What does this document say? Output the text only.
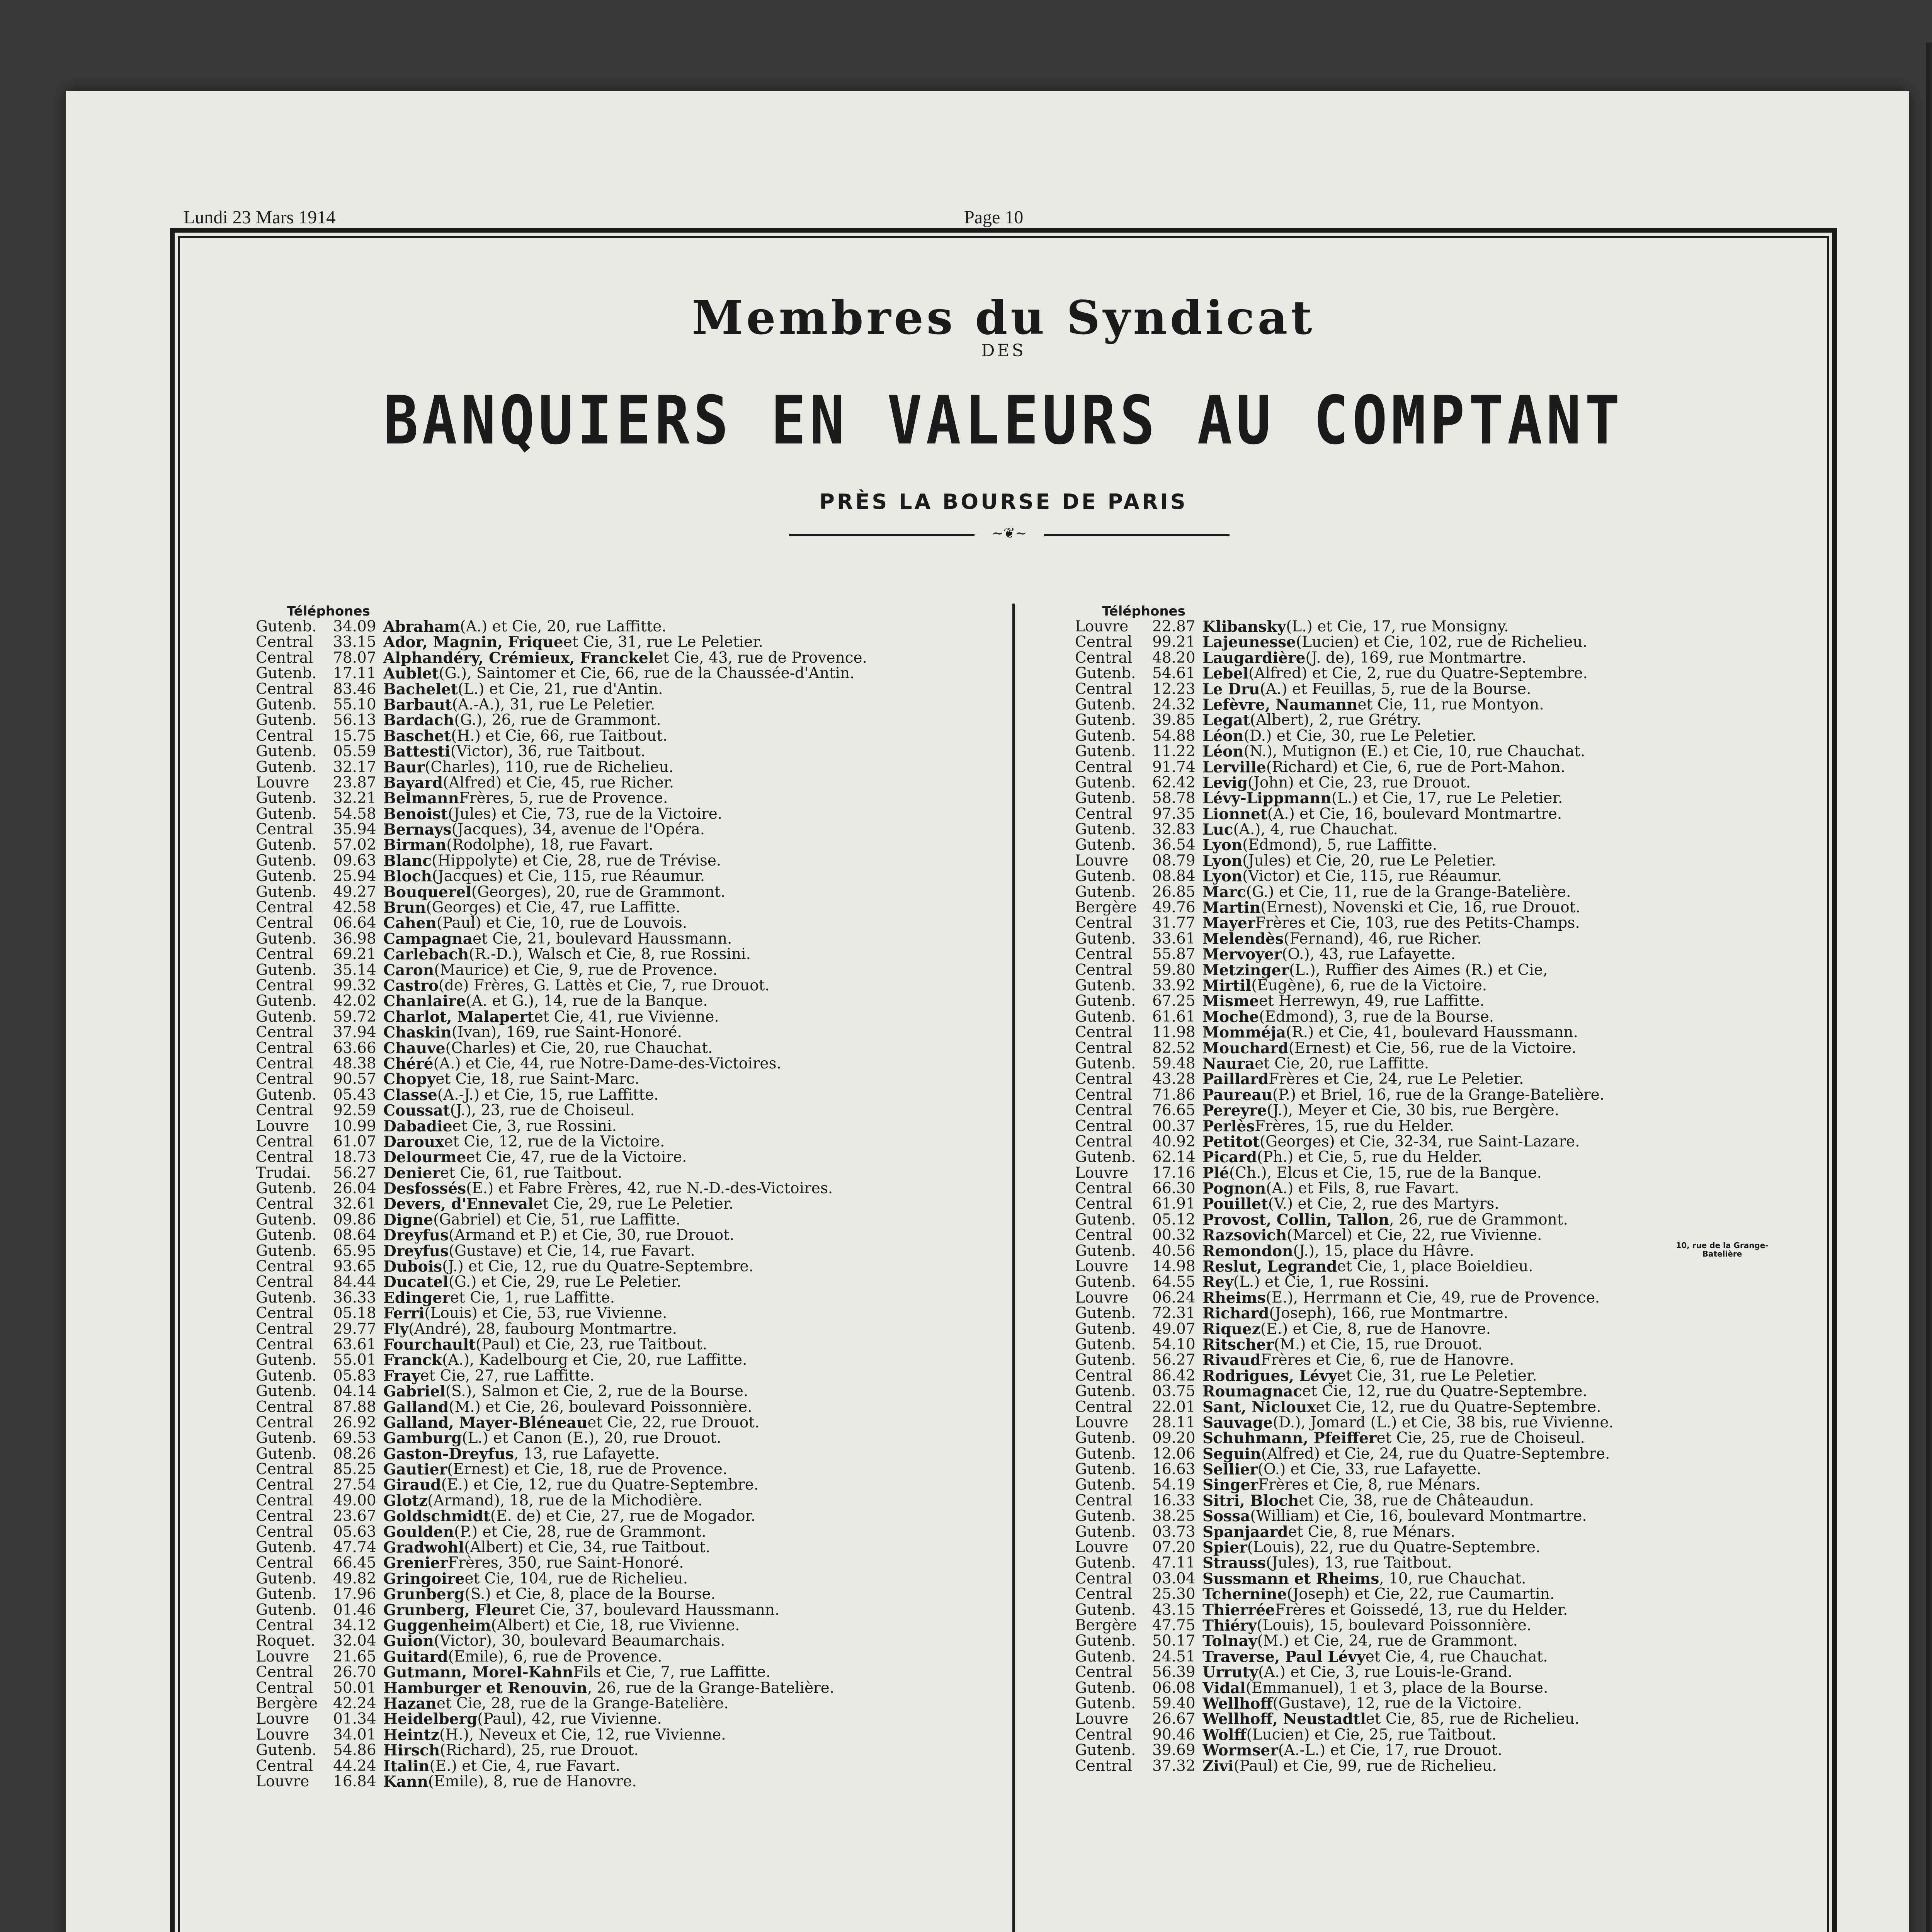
Lundi 23 Mars 1914	Page 10
Membres du Syndicat
DES
BANQUIERS EN VALEURS AU COMPTANT
PRÈS LA BOURSE DE PARIS
~❦~
Téléphones
Gutenb.	34.09 Abraham (A.) et Cie, 20, rue Laffitte.
Central	33.15 Ador, Magnin, Frique et Cie, 31, rue Le Peletier.
Central	78.07 Alphandéry, Crémieux, Franckel et Cie, 43, rue de Provence.
Gutenb.	17.11 Aublet (G.), Saintomer et Cie, 66, rue de la Chaussée-d'Antin.
Central	83.46 Bachelet (L.) et Cie, 21, rue d'Antin.
Gutenb.	55.10 Barbaut (A.-A.), 31, rue Le Peletier.
Gutenb.	56.13 Bardach (G.), 26, rue de Grammont.
Central	15.75 Baschet (H.) et Cie, 66, rue Taitbout.
Gutenb.	05.59 Battesti (Victor), 36, rue Taitbout.
Gutenb.	32.17 Baur (Charles), 110, rue de Richelieu.
Louvre	23.87 Bayard (Alfred) et Cie, 45, rue Richer.
Gutenb.	32.21 Belmann Frères, 5, rue de Provence.
Gutenb.	54.58 Benoist (Jules) et Cie, 73, rue de la Victoire.
Central	35.94 Bernays (Jacques), 34, avenue de l'Opéra.
Gutenb.	57.02 Birman (Rodolphe), 18, rue Favart.
Gutenb.	09.63 Blanc (Hippolyte) et Cie, 28, rue de Trévise.
Gutenb.	25.94 Bloch (Jacques) et Cie, 115, rue Réaumur.
Gutenb.	49.27 Bouquerel (Georges), 20, rue de Grammont.
Central	42.58 Brun (Georges) et Cie, 47, rue Laffitte.
Central	06.64 Cahen (Paul) et Cie, 10, rue de Louvois.
Gutenb.	36.98 Campagna et Cie, 21, boulevard Haussmann.
Central	69.21 Carlebach (R.-D.), Walsch et Cie, 8, rue Rossini.
Gutenb.	35.14 Caron (Maurice) et Cie, 9, rue de Provence.
Central	99.32 Castro (de) Frères, G. Lattès et Cie, 7, rue Drouot.
Gutenb.	42.02 Chanlaire (A. et G.), 14, rue de la Banque.
Gutenb.	59.72 Charlot, Malapert et Cie, 41, rue Vivienne.
Central	37.94 Chaskin (Ivan), 169, rue Saint-Honoré.
Central	63.66 Chauve (Charles) et Cie, 20, rue Chauchat.
Central	48.38 Chéré (A.) et Cie, 44, rue Notre-Dame-des-Victoires.
Central	90.57 Chopy et Cie, 18, rue Saint-Marc.
Gutenb.	05.43 Classe (A.-J.) et Cie, 15, rue Laffitte.
Central	92.59 Coussat (J.), 23, rue de Choiseul.
Louvre	10.99 Dabadie et Cie, 3, rue Rossini.
Central	61.07 Daroux et Cie, 12, rue de la Victoire.
Central	18.73 Delourme et Cie, 47, rue de la Victoire.
Trudai.	56.27 Denier et Cie, 61, rue Taitbout.
Gutenb.	26.04 Desfossés (E.) et Fabre Frères, 42, rue N.-D.-des-Victoires.
Central	32.61 Devers, d'Enneval et Cie, 29, rue Le Peletier.
Gutenb.	09.86 Digne (Gabriel) et Cie, 51, rue Laffitte.
Gutenb.	08.64 Dreyfus (Armand et P.) et Cie, 30, rue Drouot.
Gutenb.	65.95 Dreyfus (Gustave) et Cie, 14, rue Favart.
Central	93.65 Dubois (J.) et Cie, 12, rue du Quatre-Septembre.
Central	84.44 Ducatel (G.) et Cie, 29, rue Le Peletier.
Gutenb.	36.33 Edinger et Cie, 1, rue Laffitte.
Central	05.18 Ferri (Louis) et Cie, 53, rue Vivienne.
Central	29.77 Fly (André), 28, faubourg Montmartre.
Central	63.61 Fourchault (Paul) et Cie, 23, rue Taitbout.
Gutenb.	55.01 Franck (A.), Kadelbourg et Cie, 20, rue Laffitte.
Gutenb.	05.83 Fray et Cie, 27, rue Laffitte.
Gutenb.	04.14 Gabriel (S.), Salmon et Cie, 2, rue de la Bourse.
Central	87.88 Galland (M.) et Cie, 26, boulevard Poissonnière.
Central	26.92 Galland, Mayer-Bléneau et Cie, 22, rue Drouot.
Gutenb.	69.53 Gamburg (L.) et Canon (E.), 20, rue Drouot.
Gutenb.	08.26 Gaston-Dreyfus , 13, rue Lafayette.
Central	85.25 Gautier (Ernest) et Cie, 18, rue de Provence.
Central	27.54 Giraud (E.) et Cie, 12, rue du Quatre-Septembre.
Central	49.00 Glotz (Armand), 18, rue de la Michodière.
Central	23.67 Goldschmidt (E. de) et Cie, 27, rue de Mogador.
Central	05.63 Goulden (P.) et Cie, 28, rue de Grammont.
Gutenb.	47.74 Gradwohl (Albert) et Cie, 34, rue Taitbout.
Central	66.45 Grenier Frères, 350, rue Saint-Honoré.
Gutenb.	49.82 Gringoire et Cie, 104, rue de Richelieu.
Gutenb.	17.96 Grunberg (S.) et Cie, 8, place de la Bourse.
Gutenb.	01.46 Grunberg, Fleur et Cie, 37, boulevard Haussmann.
Central	34.12 Guggenheim (Albert) et Cie, 18, rue Vivienne.
Roquet.	32.04 Guion (Victor), 30, boulevard Beaumarchais.
Louvre	21.65 Guitard (Emile), 6, rue de Provence.
Central	26.70 Gutmann, Morel-Kahn Fils et Cie, 7, rue Laffitte.
Central	50.01 Hamburger et Renouvin , 26, rue de la Grange-Batelière.
Bergère	42.24 Hazan et Cie, 28, rue de la Grange-Batelière.
Louvre	01.34 Heidelberg (Paul), 42, rue Vivienne.
Louvre	34.01 Heintz (H.), Neveux et Cie, 12, rue Vivienne.
Gutenb.	54.86 Hirsch (Richard), 25, rue Drouot.
Central	44.24 Italin (E.) et Cie, 4, rue Favart.
Louvre	16.84 Kann (Emile), 8, rue de Hanovre.
Téléphones
Louvre	22.87 Klibansky (L.) et Cie, 17, rue Monsigny.
Central	99.21 Lajeunesse (Lucien) et Cie, 102, rue de Richelieu.
Central	48.20 Laugardière (J. de), 169, rue Montmartre.
Gutenb.	54.61 Lebel (Alfred) et Cie, 2, rue du Quatre-Septembre.
Central	12.23 Le Dru (A.) et Feuillas, 5, rue de la Bourse.
Gutenb.	24.32 Lefèvre, Naumann et Cie, 11, rue Montyon.
Gutenb.	39.85 Legat (Albert), 2, rue Grétry.
Gutenb.	54.88 Léon (D.) et Cie, 30, rue Le Peletier.
Gutenb.	11.22 Léon (N.), Mutignon (E.) et Cie, 10, rue Chauchat.
Central	91.74 Lerville (Richard) et Cie, 6, rue de Port-Mahon.
Gutenb.	62.42 Levig (John) et Cie, 23, rue Drouot.
Gutenb.	58.78 Lévy-Lippmann (L.) et Cie, 17, rue Le Peletier.
Central	97.35 Lionnet (A.) et Cie, 16, boulevard Montmartre.
Gutenb.	32.83 Luc (A.), 4, rue Chauchat.
Gutenb.	36.54 Lyon (Edmond), 5, rue Laffitte.
Louvre	08.79 Lyon (Jules) et Cie, 20, rue Le Peletier.
Gutenb.	08.84 Lyon (Victor) et Cie, 115, rue Réaumur.
Gutenb.	26.85 Marc (G.) et Cie, 11, rue de la Grange-Batelière.
Bergère	49.76 Martin (Ernest), Novenski et Cie, 16, rue Drouot.
Central	31.77 Mayer Frères et Cie, 103, rue des Petits-Champs.
Gutenb.	33.61 Melendès (Fernand), 46, rue Richer.
Central	55.87 Mervoyer (O.), 43, rue Lafayette.
Central	59.80 Metzinger (L.), Ruffier des Aimes (R.) et Cie,
Gutenb.	33.92 Mirtil (Eugène), 6, rue de la Victoire.
Gutenb.	67.25 Misme et Herrewyn, 49, rue Laffitte.
Gutenb.	61.61 Moche (Edmond), 3, rue de la Bourse.
Central	11.98 Momméja (R.) et Cie, 41, boulevard Haussmann.
Central	82.52 Mouchard (Ernest) et Cie, 56, rue de la Victoire.
Gutenb.	59.48 Naura et Cie, 20, rue Laffitte.
Central	43.28 Paillard Frères et Cie, 24, rue Le Peletier.
Central	71.86 Paureau (P.) et Briel, 16, rue de la Grange-Batelière.
Central	76.65 Pereyre (J.), Meyer et Cie, 30 bis, rue Bergère.
Central	00.37 Perlès Frères, 15, rue du Helder.
Central	40.92 Petitot (Georges) et Cie, 32-34, rue Saint-Lazare.
Gutenb.	62.14 Picard (Ph.) et Cie, 5, rue du Helder.
Louvre	17.16 Plé (Ch.), Elcus et Cie, 15, rue de la Banque.
Central	66.30 Pognon (A.) et Fils, 8, rue Favart.
Central	61.91 Pouillet (V.) et Cie, 2, rue des Martyrs.
Gutenb.	05.12 Provost, Collin, Tallon , 26, rue de Grammont.
Central	00.32 Razsovich (Marcel) et Cie, 22, rue Vivienne.
Gutenb.	40.56 Remondon (J.), 15, place du Hâvre.
Louvre	14.98 Reslut, Legrand et Cie, 1, place Boieldieu.
Gutenb.	64.55 Rey (L.) et Cie, 1, rue Rossini.
Louvre	06.24 Rheims (E.), Herrmann et Cie, 49, rue de Provence.
Gutenb.	72.31 Richard (Joseph), 166, rue Montmartre.
Gutenb.	49.07 Riquez (E.) et Cie, 8, rue de Hanovre.
Gutenb.	54.10 Ritscher (M.) et Cie, 15, rue Drouot.
Gutenb.	56.27 Rivaud Frères et Cie, 6, rue de Hanovre.
Central	86.42 Rodrigues, Lévy et Cie, 31, rue Le Peletier.
Gutenb.	03.75 Roumagnac et Cie, 12, rue du Quatre-Septembre.
Central	22.01 Sant, Nicloux et Cie, 12, rue du Quatre-Septembre.
Louvre	28.11 Sauvage (D.), Jomard (L.) et Cie, 38 bis, rue Vivienne.
Gutenb.	09.20 Schuhmann, Pfeiffer et Cie, 25, rue de Choiseul.
Gutenb.	12.06 Seguin (Alfred) et Cie, 24, rue du Quatre-Septembre.
Gutenb.	16.63 Sellier (O.) et Cie, 33, rue Lafayette.
Gutenb.	54.19 Singer Frères et Cie, 8, rue Ménars.
Central	16.33 Sitri, Bloch et Cie, 38, rue de Châteaudun.
Gutenb.	38.25 Sossa (William) et Cie, 16, boulevard Montmartre.
Gutenb.	03.73 Spanjaard et Cie, 8, rue Ménars.
Louvre	07.20 Spier (Louis), 22, rue du Quatre-Septembre.
Gutenb.	47.11 Strauss (Jules), 13, rue Taitbout.
Central	03.04 Sussmann et Rheims , 10, rue Chauchat.
Central	25.30 Tchernine (Joseph) et Cie, 22, rue Caumartin.
Gutenb.	43.15 Thierrée Frères et Goissedé, 13, rue du Helder.
Bergère	47.75 Thiéry (Louis), 15, boulevard Poissonnière.
Gutenb.	50.17 Tolnay (M.) et Cie, 24, rue de Grammont.
Gutenb.	24.51 Traverse, Paul Lévy et Cie, 4, rue Chauchat.
Central	56.39 Urruty (A.) et Cie, 3, rue Louis-le-Grand.
Gutenb.	06.08 Vidal (Emmanuel), 1 et 3, place de la Bourse.
Gutenb.	59.40 Wellhoff (Gustave), 12, rue de la Victoire.
Louvre	26.67 Wellhoff, Neustadtl et Cie, 85, rue de Richelieu.
Central	90.46 Wolff (Lucien) et Cie, 25, rue Taitbout.
Gutenb.	39.69 Wormser (A.-L.) et Cie, 17, rue Drouot.
Central	37.32 Zivi (Paul) et Cie, 99, rue de Richelieu.
10, rue de la Grange-Batelière
